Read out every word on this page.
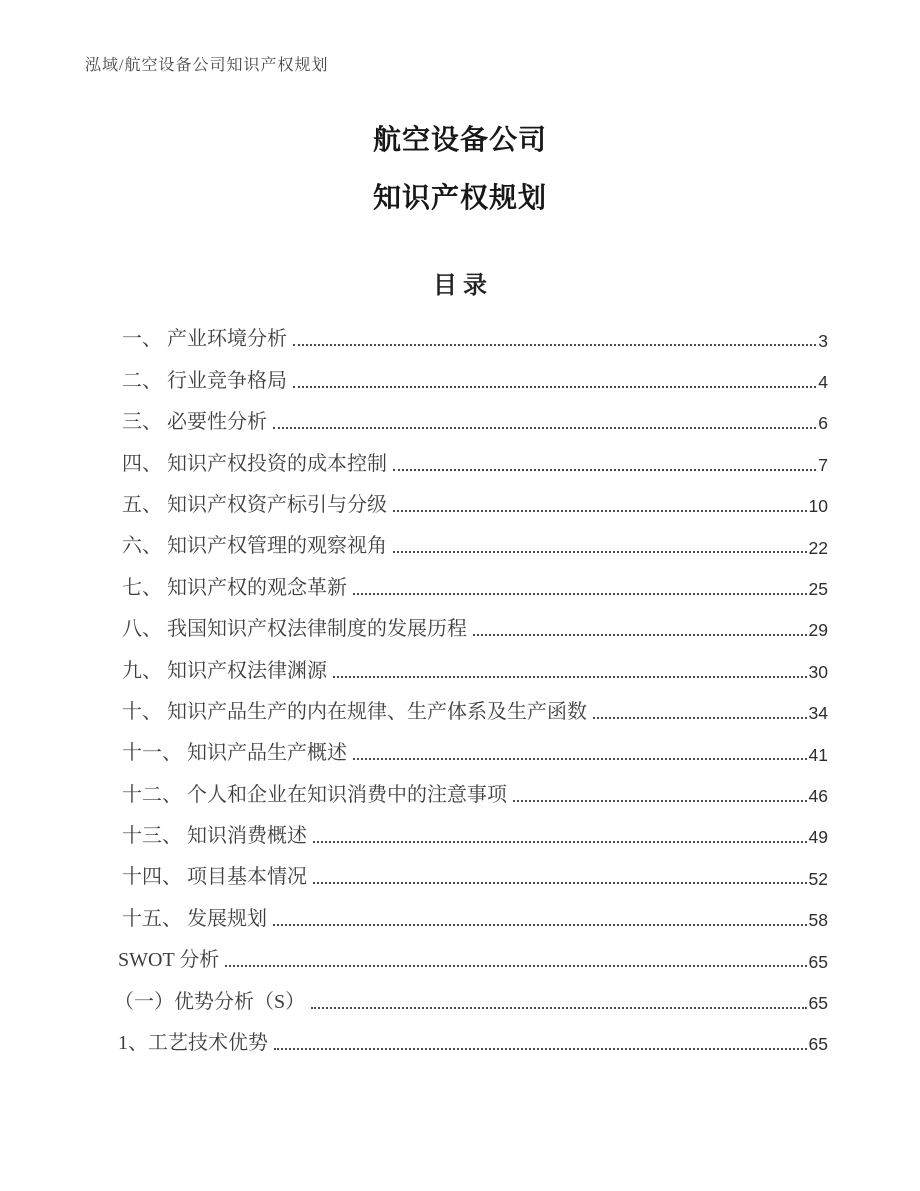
泓域/航空设备公司知识产权规划
航空设备公司
知识产权规划
目 录
一、 产业环境分析	3
二、 行业竞争格局	4
三、 必要性分析	6
四、 知识产权投资的成本控制	7
五、 知识产权资产标引与分级	10
六、 知识产权管理的观察视角	22
七、 知识产权的观念革新	25
八、 我国知识产权法律制度的发展历程	29
九、 知识产权法律渊源	30
十、 知识产品生产的内在规律、生产体系及生产函数	34
十一、 知识产品生产概述	41
十二、 个人和企业在知识消费中的注意事项	46
十三、 知识消费概述	49
十四、 项目基本情况	52
十五、 发展规划	58
SWOT 分析	65
（一）优势分析（S）	65
1、工艺技术优势	65
